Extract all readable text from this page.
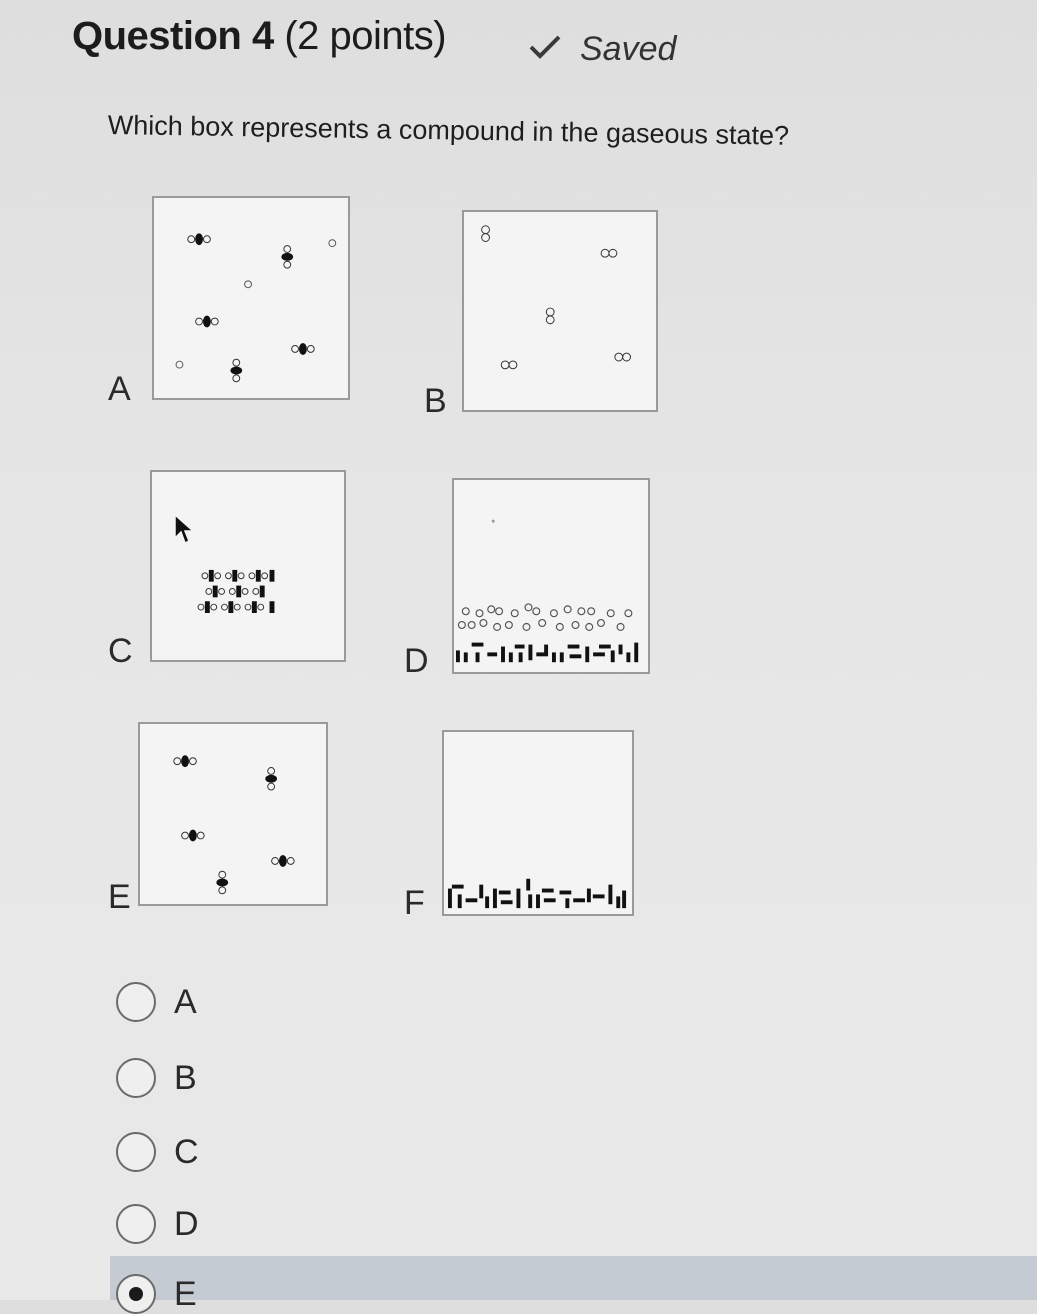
Question 4 (2 points)	Saved
Which box represents a compound in the gaseous state?
A	B
C	D
E	F
A
B
C
D
E
